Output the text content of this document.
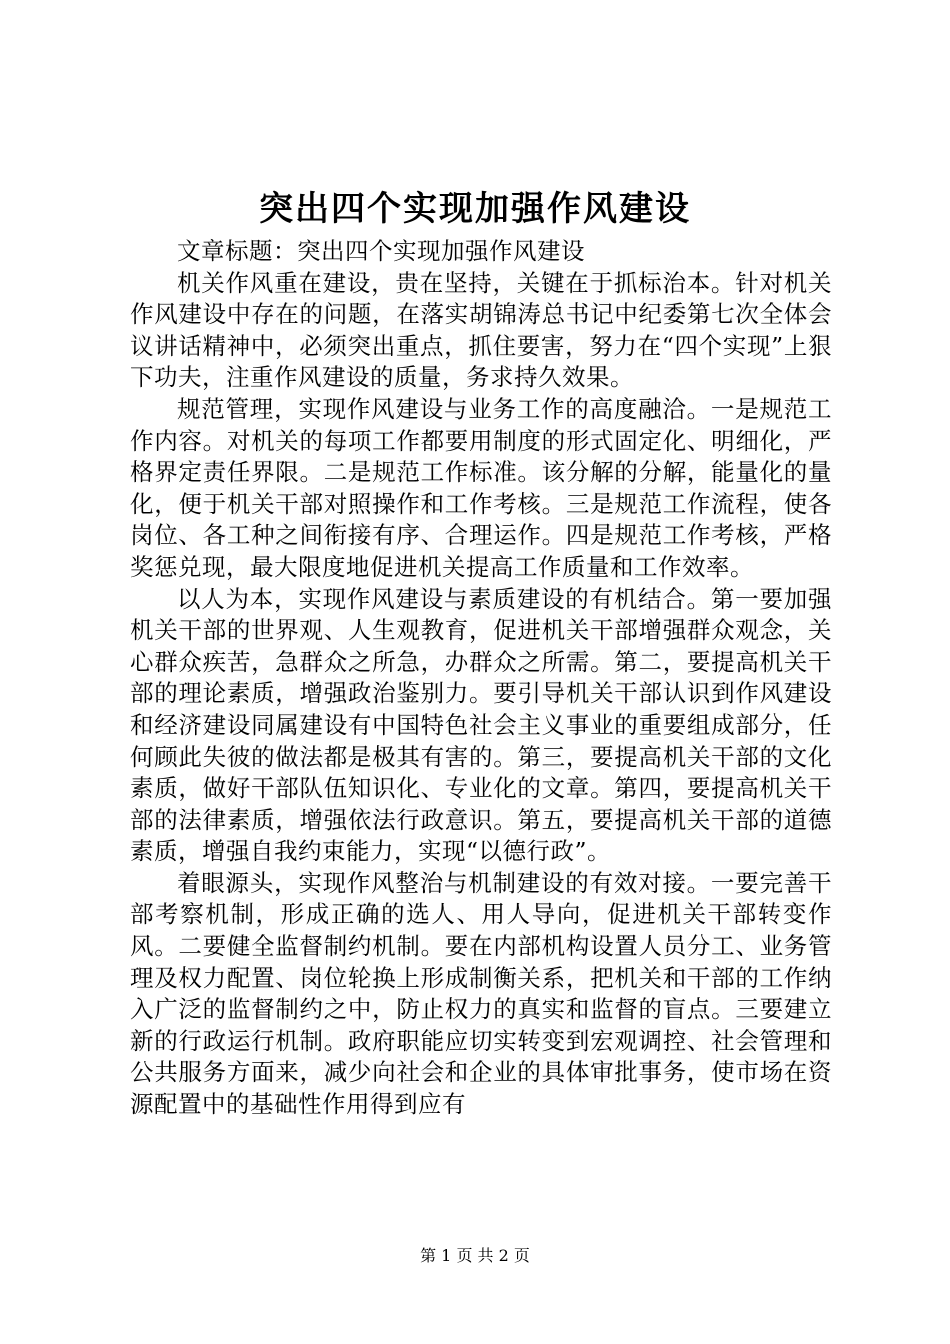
突出四个实现加强作风建设

文章标题：突出四个实现加强作风建设

机关作风重在建设，贵在坚持，关键在于抓标治本。针对机关作风建设中存在的问题，在落实胡锦涛总书记中纪委第七次全体会议讲话精神中，必须突出重点，抓住要害，努力在“四个实现”上狠下功夫，注重作风建设的质量，务求持久效果。

规范管理，实现作风建设与业务工作的高度融洽。一是规范工作内容。对机关的每项工作都要用制度的形式固定化、明细化，严格界定责任界限。二是规范工作标准。该分解的分解，能量化的量化，便于机关干部对照操作和工作考核。三是规范工作流程，使各岗位、各工种之间衔接有序、合理运作。四是规范工作考核，严格奖惩兑现，最大限度地促进机关提高工作质量和工作效率。

以人为本，实现作风建设与素质建设的有机结合。第一要加强机关干部的世界观、人生观教育，促进机关干部增强群众观念，关心群众疾苦，急群众之所急，办群众之所需。第二，要提高机关干部的理论素质，增强政治鉴别力。要引导机关干部认识到作风建设和经济建设同属建设有中国特色社会主义事业的重要组成部分，任何顾此失彼的做法都是极其有害的。第三，要提高机关干部的文化素质，做好干部队伍知识化、专业化的文章。第四，要提高机关干部的法律素质，增强依法行政意识。第五，要提高机关干部的道德素质，增强自我约束能力，实现“以德行政”。

着眼源头，实现作风整治与机制建设的有效对接。一要完善干部考察机制，形成正确的选人、用人导向，促进机关干部转变作风。二要健全监督制约机制。要在内部机构设置人员分工、业务管理及权力配置、岗位轮换上形成制衡关系，把机关和干部的工作纳入广泛的监督制约之中，防止权力的真实和监督的盲点。三要建立新的行政运行机制。政府职能应切实转变到宏观调控、社会管理和公共服务方面来，减少向社会和企业的具体审批事务，使市场在资源配置中的基础性作用得到应有

第 1 页 共 2 页
